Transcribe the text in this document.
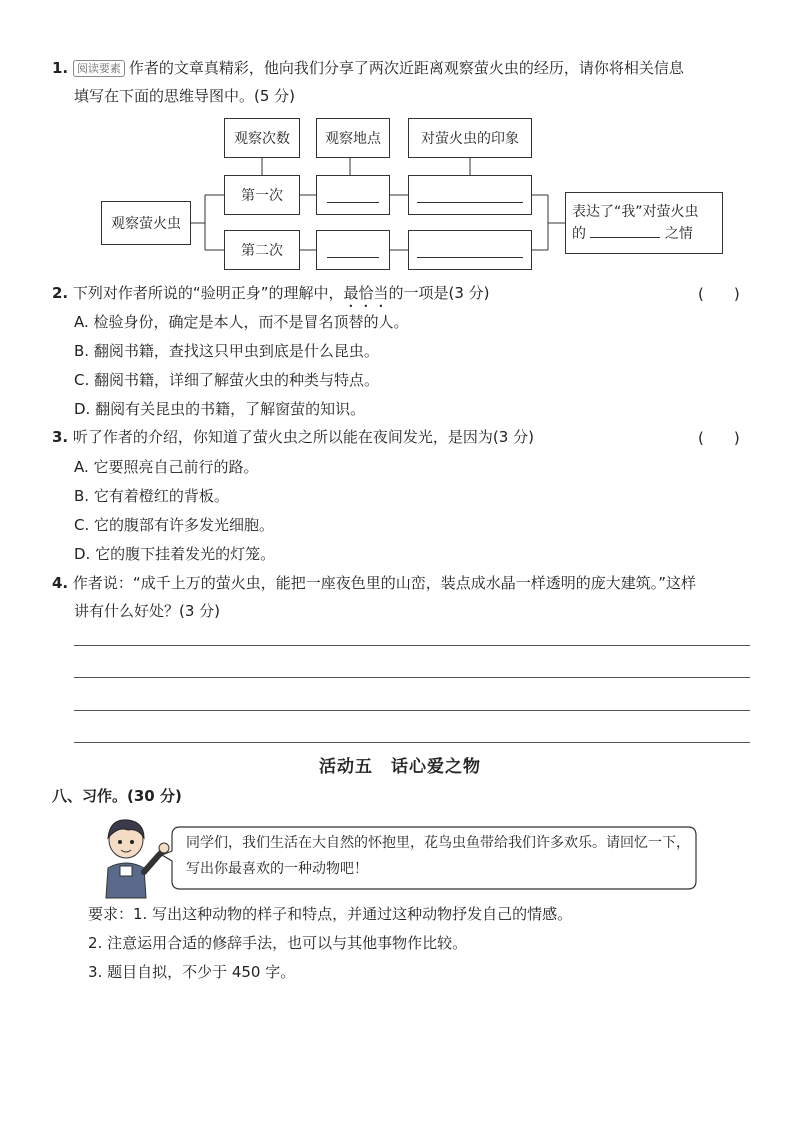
1. 阅读要素 作者的文章真精彩，他向我们分享了两次近距离观察萤火虫的经历，请你将相关信息
填写在下面的思维导图中。(5 分)
观察次数	观察地点	对萤火虫的印象
观察萤火虫
第一次
第二次
表达了“我”对萤火虫
的	之情
2. 下列对作者所说的“验明正身”的理解中，最恰当的一项是(3 分)	(　　)
A. 检验身份，确定是本人，而不是冒名顶替的人。
B. 翻阅书籍，查找这只甲虫到底是什么昆虫。
C. 翻阅书籍，详细了解萤火虫的种类与特点。
D. 翻阅有关昆虫的书籍，了解窗萤的知识。
3. 听了作者的介绍，你知道了萤火虫之所以能在夜间发光，是因为(3 分)	(　　)
A. 它要照亮自己前行的路。
B. 它有着橙红的背板。
C. 它的腹部有许多发光细胞。
D. 它的腹下挂着发光的灯笼。
4. 作者说：“成千上万的萤火虫，能把一座夜色里的山峦，装点成水晶一样透明的庞大建筑。”这样
讲有什么好处？(3 分)
活动五　话心爱之物
八、习作。(30 分)
同学们，我们生活在大自然的怀抱里，花鸟虫鱼带给我们许多欢乐。请回忆一下，
写出你最喜欢的一种动物吧！
要求：1. 写出这种动物的样子和特点，并通过这种动物抒发自己的情感。
2. 注意运用合适的修辞手法，也可以与其他事物作比较。
3. 题目自拟，不少于 450 字。
